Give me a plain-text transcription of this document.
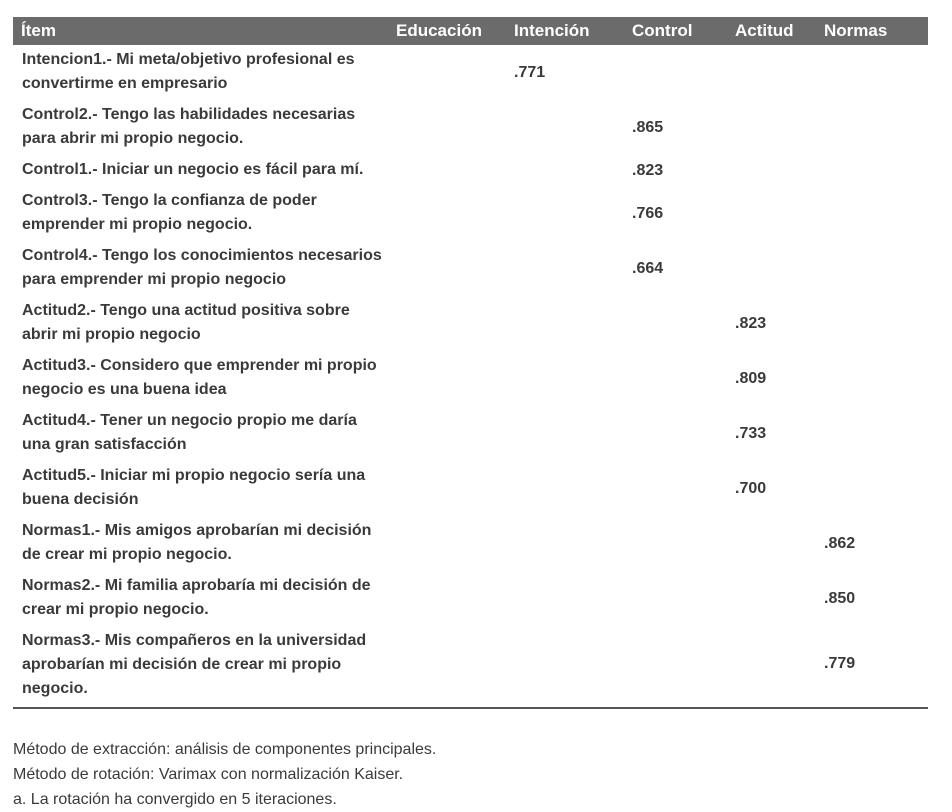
Ítem	Educación	Intención	Control	Actitud	Normas
Intencion1.- Mi meta/objetivo profesional es convertirme en empresario		.771			
Control2.- Tengo las habilidades necesarias para abrir mi propio negocio.			.865		
Control1.- Iniciar un negocio es fácil para mí.			.823		
Control3.- Tengo la confianza de poder emprender mi propio negocio.			.766		
Control4.- Tengo los conocimientos necesarios para emprender mi propio negocio			.664		
Actitud2.- Tengo una actitud positiva sobre abrir mi propio negocio				.823	
Actitud3.- Considero que emprender mi propio negocio es una buena idea				.809	
Actitud4.- Tener un negocio propio me daría una gran satisfacción				.733	
Actitud5.- Iniciar mi propio negocio sería una buena decisión				.700	
Normas1.- Mis amigos aprobarían mi decisión de crear mi propio negocio.					.862
Normas2.- Mi familia aprobaría mi decisión de crear mi propio negocio.					.850
Normas3.- Mis compañeros en la universidad aprobarían mi decisión de crear mi propio negocio.					.779
Método de extracción: análisis de componentes principales.
Método de rotación: Varimax con normalización Kaiser.
a. La rotación ha convergido en 5 iteraciones.
